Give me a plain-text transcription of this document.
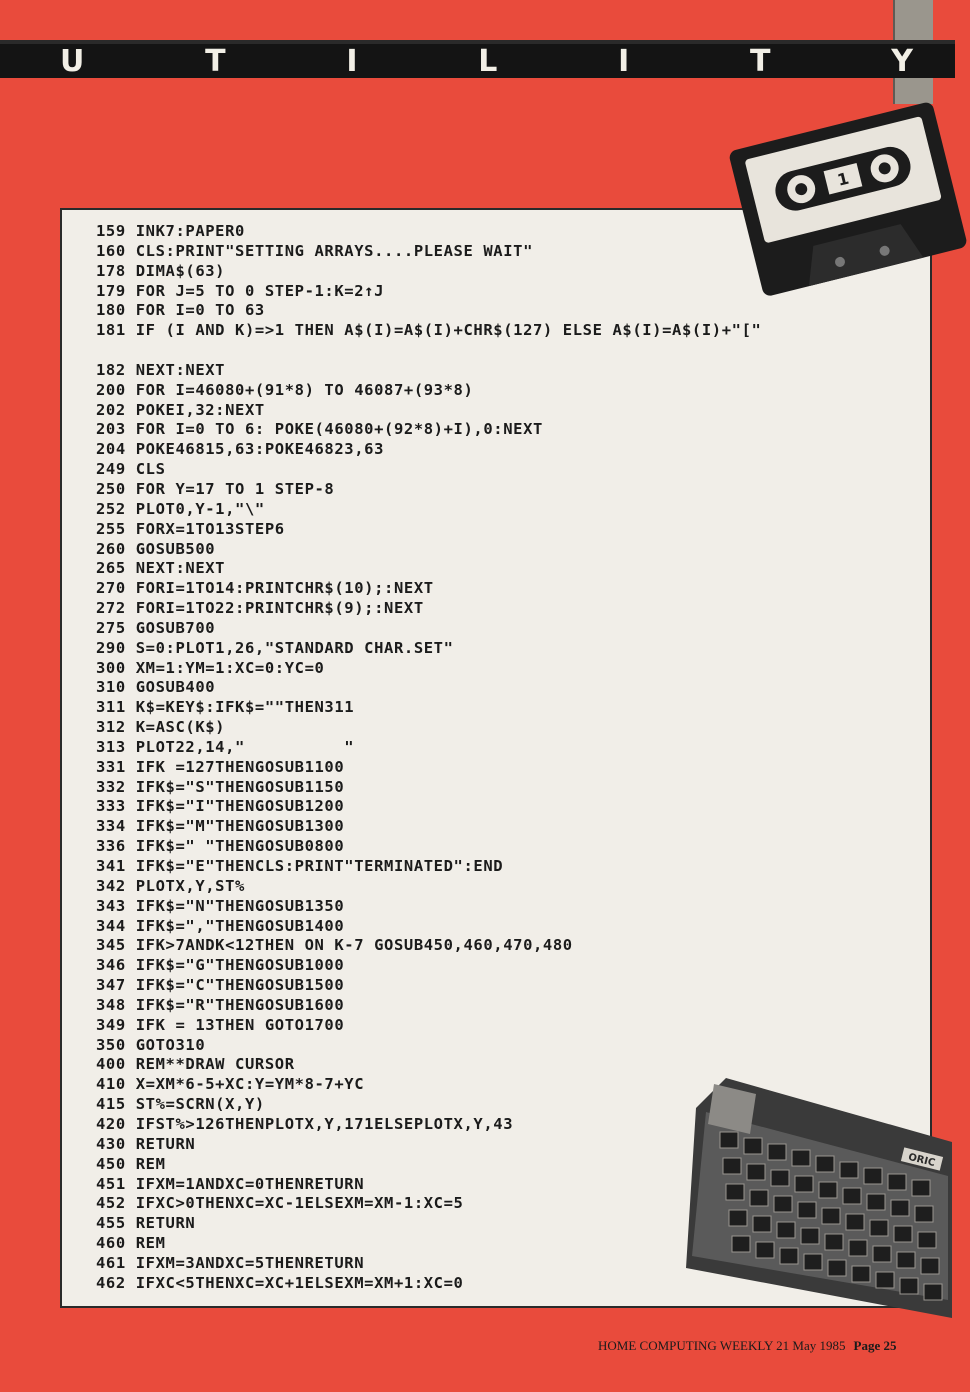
U	T	I	L	I	T	Y
159 INK7:PAPER0
160 CLS:PRINT"SETTING ARRAYS....PLEASE WAIT"
178 DIMA$(63)
179 FOR J=5 TO 0 STEP-1:K=2↑J
180 FOR I=0 TO 63
181 IF (I AND K)=>1 THEN A$(I)=A$(I)+CHR$(127) ELSE A$(I)=A$(I)+"["
182 NEXT:NEXT
200 FOR I=46080+(91*8) TO 46087+(93*8)
202 POKEI,32:NEXT
203 FOR I=0 TO 6: POKE(46080+(92*8)+I),0:NEXT
204 POKE46815,63:POKE46823,63
249 CLS
250 FOR Y=17 TO 1 STEP-8
252 PLOT0,Y-1,"\"
255 FORX=1TO13STEP6
260 GOSUB500
265 NEXT:NEXT
270 FORI=1TO14:PRINTCHR$(10);:NEXT
272 FORI=1TO22:PRINTCHR$(9);:NEXT
275 GOSUB700
290 S=0:PLOT1,26,"STANDARD CHAR.SET"
300 XM=1:YM=1:XC=0:YC=0
310 GOSUB400
311 K$=KEY$:IFK$=""THEN311
312 K=ASC(K$)
313 PLOT22,14,"          "
331 IFK =127THENGOSUB1100
332 IFK$="S"THENGOSUB1150
333 IFK$="I"THENGOSUB1200
334 IFK$="M"THENGOSUB1300
336 IFK$=" "THENGOSUB0800
341 IFK$="E"THENCLS:PRINT"TERMINATED":END
342 PLOTX,Y,ST%
343 IFK$="N"THENGOSUB1350
344 IFK$=","THENGOSUB1400
345 IFK>7ANDK<12THEN ON K-7 GOSUB450,460,470,480
346 IFK$="G"THENGOSUB1000
347 IFK$="C"THENGOSUB1500
348 IFK$="R"THENGOSUB1600
349 IFK = 13THEN GOTO1700
350 GOTO310
400 REM**DRAW CURSOR
410 X=XM*6-5+XC:Y=YM*8-7+YC
415 ST%=SCRN(X,Y)
420 IFST%>126THENPLOTX,Y,171ELSEPLOTX,Y,43
430 RETURN
450 REM
451 IFXM=1ANDXC=0THENRETURN
452 IFXC>0THENXC=XC-1ELSEXM=XM-1:XC=5
455 RETURN
460 REM
461 IFXM=3ANDXC=5THENRETURN
462 IFXC<5THENXC=XC+1ELSEXM=XM+1:XC=0
1
ORIC
HOME COMPUTING WEEKLY 21 May 1985 Page 25
